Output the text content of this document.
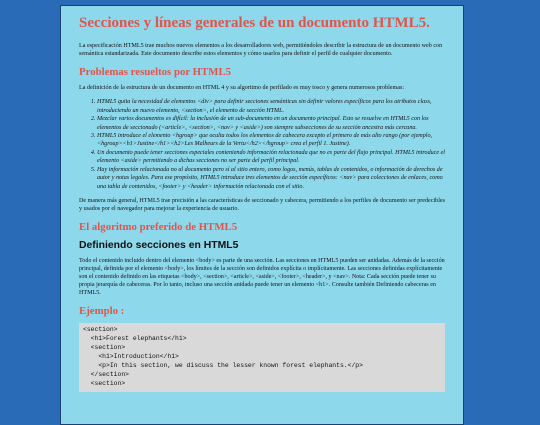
Secciones y líneas generales de un documento HTML5.

La especificación HTML5 trae muchos nuevos elementos a los desarrolladores web, permitiéndoles describir la estructura de un documento web con semántica estandarizada. Este documento describe estos elementos y cómo usarlos para definir el perfil de cualquier documento.

Problemas resueltos por HTML5

La definición de la estructura de un documento en HTML 4 y su algoritmo de perfilado es muy tosco y genera numerosos problemas:

1. HTML5 quita la necesidad de elementos <div> para definir secciones semánticas sin definir valores específicos para los atributos class, introduciendo un nuevo elemento, <section>, el elemento de sección HTML.
2. Mezclar varios documentos es difícil: la inclusión de un sub-documento en un documento principal. Esto se resuelve en HTML5 con los elementos de seccionado (<article>, <section>, <nav> y <aside>) son siempre subsecciones de su sección ancestra más cercana.
3. HTML5 introduce el elemento <hgroup> que oculta todos los elementos de cabecera excepto el primero de más alto rango (por ejemplo, <hgroup><h1>Justine</h1><h2>Les Malheurs de la Vertu</h2></hgroup> crea el perfil 1. Justine).
4. Un documento puede tener secciones especiales conteniendo información relacionada que no es parte del flujo principal. HTML5 introduce el elemento <aside> permitiendo a dichas secciones no ser parte del perfil principal.
5. Hay información relacionada no al documento pero sí al sitio entero, como logos, menús, tablas de contenidos, o información de derechos de autor y notas legales. Para ese propósito, HTML5 introduce tres elementos de sección específicos: <nav> para colecciones de enlaces, como una tabla de contenidos, <footer> y <header> información relacionada con el sitio.

De manera más general, HTML5 trae precisión a las características de seccionado y cabecera, permitiendo a los perfiles de documento ser predecibles y usados por el navegador para mejorar la experiencia de usuario.

El algoritmo preferido de HTML5
Definiendo secciones en HTML5

Todo el contenido incluido dentro del elemento <body> es parte de una sección. Las secciones en HTML5 pueden ser anidadas. Además de la sección principal, definida por el elemento <body>, los límites de la sección son definidos explícita o implícitamente. Las secciones definidas explícitamente son el contenido definido en las etiquetas <body>, <section>, <article>, <aside>, <footer>, <header>, y <nav>. Nota: Cada sección puede tener su propia jerarquía de cabeceras. Por lo tanto, incluso una sección anidada puede tener un elemento <h1>. Consulte también Definiendo cabeceras en HTML5.

Ejemplo :
<section>
<h1>Forest elephants</h1>
<section>
<h1>Introduction</h1>
<p>In this section, we discuss the lesser known forest elephants.</p>
</section>
<section>
